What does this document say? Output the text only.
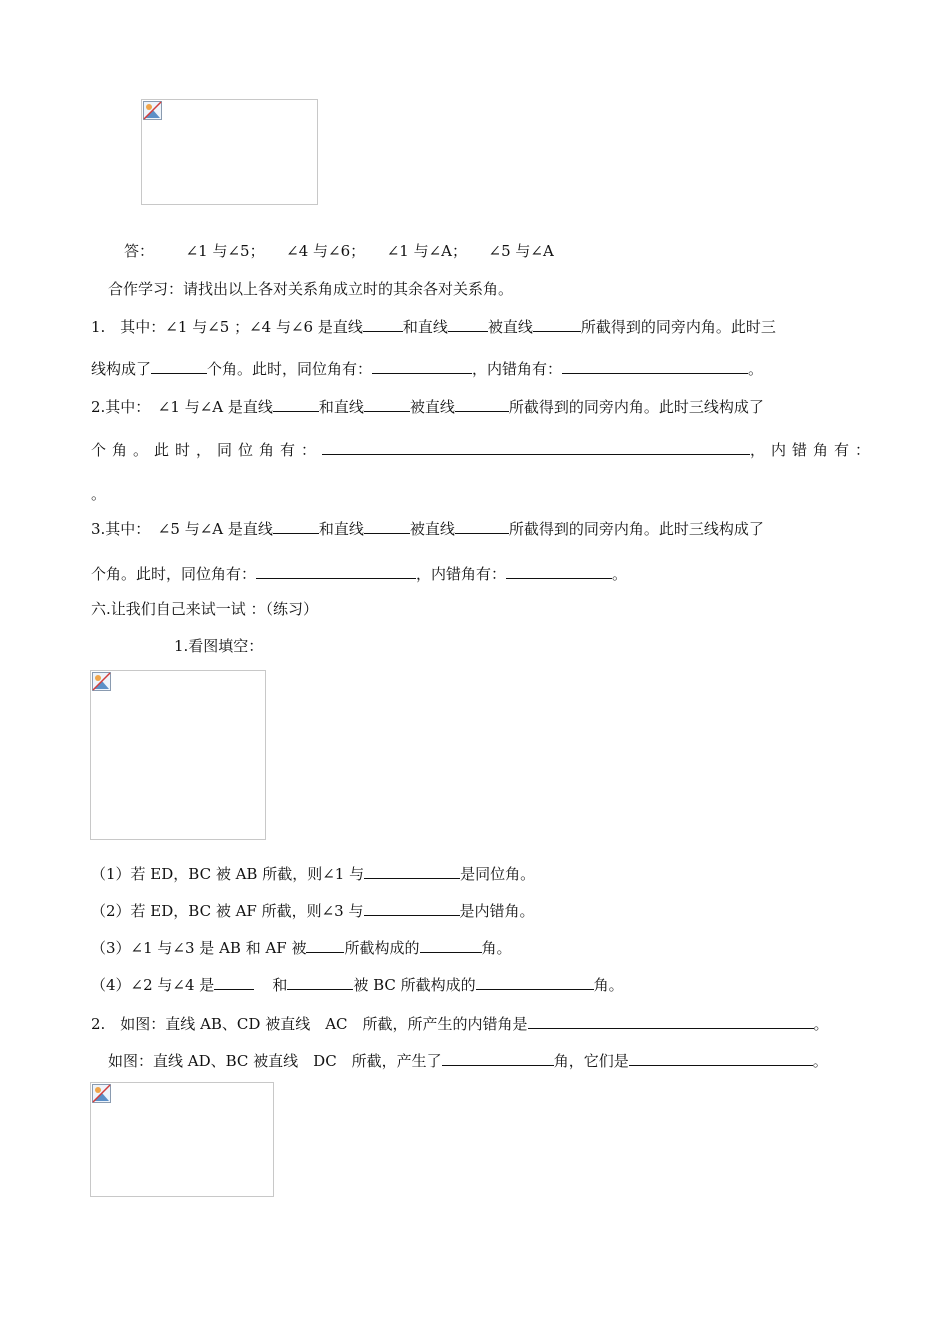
答： ∠1 与∠5； ∠4 与∠6； ∠1 与∠A； ∠5 与∠A
合作学习：请找出以上各对关系角成立时的其余各对关系角。
1.　其中：∠1 与∠5 ；∠4 与∠6 是直线	和直线	被直线	所截得到的同旁内角。此时三
线构成了	个角。此时，同位角有：	，内错角有：	。
2.其中：　∠1 与∠A 是直线	和直线	被直线	所截得到的同旁内角。此时三线构成了
个角。此时，同位角有：	，内错角有：
。
3.其中：　∠5 与∠A 是直线	和直线	被直线	所截得到的同旁内角。此时三线构成了
个角。此时，同位角有：	，内错角有：	。
六.让我们自己来试一试 ：（练习）
1.看图填空：
（1）若 ED，BC 被 AB 所截，则∠1 与	是同位角。
（2）若 ED，BC 被 AF 所截，则∠3 与	是内错角。
（3）∠1 与∠3 是 AB 和 AF 被	所截构成的	角。
（4）∠2 与∠4 是	和	被 BC 所截构成的	角。
2.　如图：直线 AB、CD 被直线　AC　所截，所产生的内错角是	。
如图：直线 AD、BC 被直线　DC　所截，产生了	角，它们是	。
